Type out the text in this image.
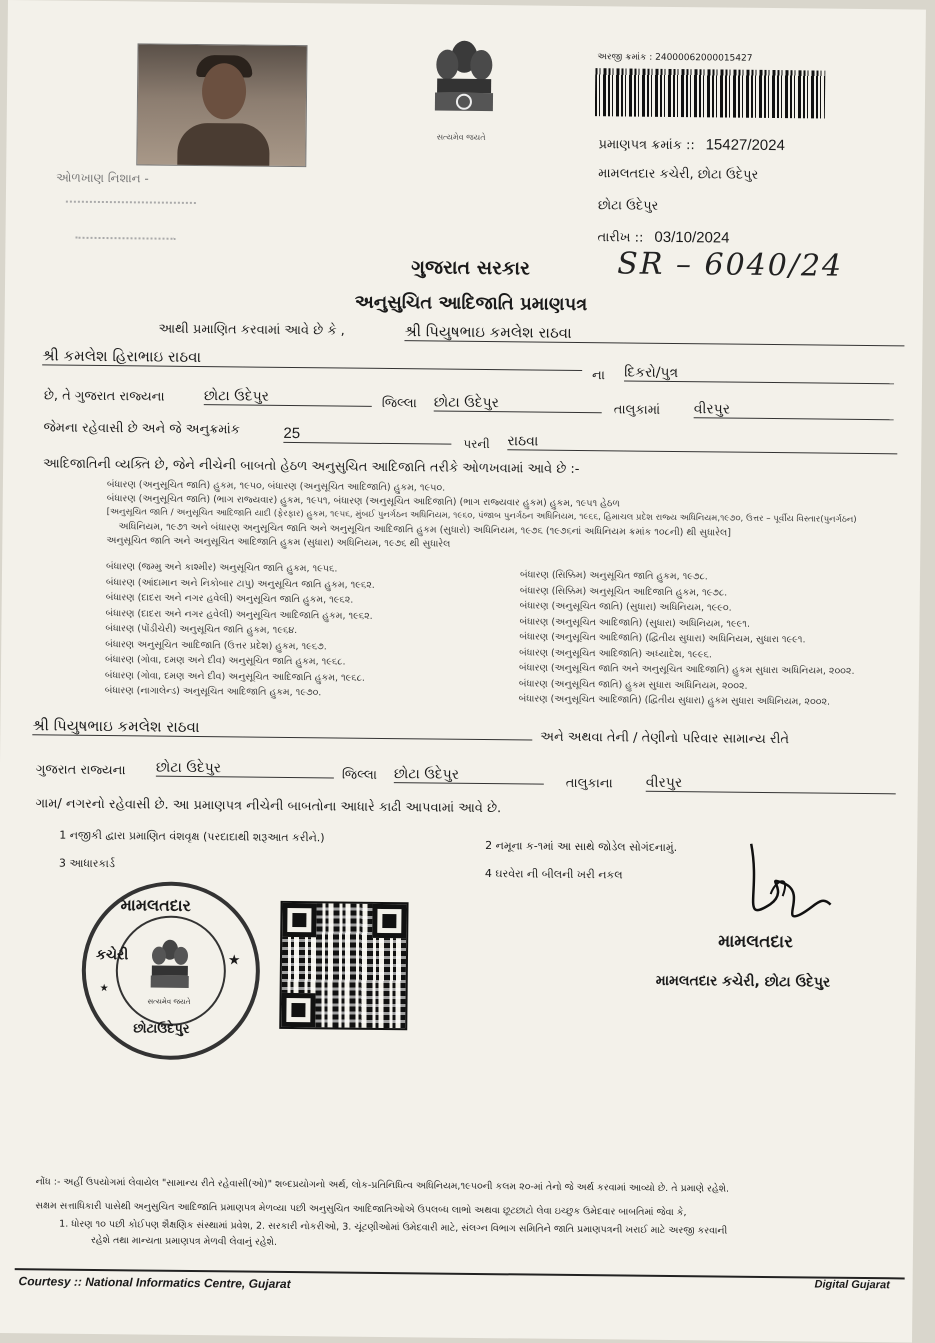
સત્યમેવ જયતે
અરજી ક્રમાંક : 24000062000015427
પ્રમાણપત્ર ક્રમાંક :: 15427/2024
મામલતદાર કચેરી, છોટા ઉદેપુર
છોટા ઉદેપુર
તારીખ :: 03/10/2024
SR – 6040/24
ઓળખાણ નિશાન -
ગુજરાત સરકાર
અનુસુચિત આદિજાતિ પ્રમાણપત્ર
આથી પ્રમાણિત કરવામાં આવે છે કે ,	શ્રી પિયુષભાઇ કમલેશ રાઠવા
શ્રી કમલેશ હિરાભાઇ રાઠવા
ના દિકરો/પુત્ર
છે, તે ગુજરાત રાજ્યના	છોટા ઉદેપુર	જિલ્લા છોટા ઉદેપુર	તાલુકામાં વીરપુર
જેમના રહેવાસી છે અને જે અનુક્રમાંક	25
પરની રાઠવા
આદિજાતિની વ્યક્તિ છે, જેને નીચેની બાબતો હેઠળ અનુસુચિત આદિજાતિ તરીકે ઓળખવામાં આવે છે :-
બંધારણ (અનુસૂચિત જાતિ) હુકમ, ૧૯૫૦, બંધારણ (અનુસૂચિત આદિજાતિ) હુકમ, ૧૯૫૦.
બંધારણ (અનુસૂચિત જાતિ) (ભાગ રાજ્યવાર) હુકમ, ૧૯૫૧, બંધારણ (અનુસૂચિત આદિજાતિ) (ભાગ રાજ્યવાર હુકમ) હુકમ, ૧૯૫૧ હેઠળ
[અનુસૂચિત જાતિ / અનુસૂચિત આદિજાતિ યાદી (ફેરફાર) હુકમ, ૧૯૫૬, મુંબઈ પુનર્ગઠન અધિનિયમ, ૧૯૬૦, પંજાબ પુનર્ગઠન અધિનિયમ, ૧૯૬૬, હિમાચલ પ્રદેશ રાજ્ય અધિનિયમ,૧૯૭૦, ઉત્તર – પૂર્વીય વિસ્તાર(પુનર્ગઠન)
અધિનિયમ, ૧૯૭૧ અને બંધારણ અનુસૂચિત જાતિ અને અનુસૂચિત આદિજાતિ હુકમ (સુધારો) અધિનિયમ, ૧૯૭૬ (૧૯૭૬નાં અધિનિયમ ક્રમાંક ૧૦૮ની) થી સુધારેલ]
અનુસૂચિત જાતિ અને અનુસૂચિત આદિજાતિ હુકમ (સુધારા) અધિનિયમ, ૧૯૭૬ થી સુધારેલ
બંધારણ (જમ્મુ અને કાશ્મીર) અનુસૂચિત જાતિ હુકમ, ૧૯૫૬.
બંધારણ (આંદામાન અને નિકોબાર ટાપુ) અનુસૂચિત જાતિ હુકમ, ૧૯૬૨.
બંધારણ (દાદરા અને નગર હવેલી) અનુસૂચિત જાતિ હુકમ, ૧૯૬૨.
બંધારણ (દાદરા અને નગર હવેલી) અનુસૂચિત આદિજાતિ હુકમ, ૧૯૬૨.
બંધારણ (પોંડીચેરી) અનુસૂચિત જાતિ હુકમ, ૧૯૬૪.
બંધારણ અનુસૂચિત આદિજાતિ (ઉત્તર પ્રદેશ) હુકમ, ૧૯૬૭.
બંધારણ (ગોવા, દમણ અને દીવ) અનુસૂચિત જાતિ હુકમ, ૧૯૬૮.
બંધારણ (ગોવા, દમણ અને દીવ) અનુસૂચિત આદિજાતિ હુકમ, ૧૯૬૮.
બંધારણ (નાગાલેન્ડ) અનુસૂચિત આદિજાતિ હુકમ, ૧૯૭૦.
બંધારણ (સિક્કિમ) અનુસૂચિત જાતિ હુકમ, ૧૯૭૮.
બંધારણ (સિક્કિમ) અનુસૂચિત આદિજાતિ હુકમ, ૧૯૭૮.
બંધારણ (અનુસૂચિત જાતિ) (સુધારા) અધિનિયમ, ૧૯૯૦.
બંધારણ (અનુસૂચિત આદિજાતિ) (સુધારા) અધિનિયમ, ૧૯૯૧.
બંધારણ (અનુસૂચિત આદિજાતિ) (દ્વિતીય સુધારા) અધિનિયમ, સુધારા ૧૯૯૧.
બંધારણ (અનુસૂચિત આદિજાતિ) અધ્યાદેશ, ૧૯૯૬.
બંધારણ (અનુસૂચિત જાતિ અને અનુસૂચિત આદિજાતિ) હુકમ સુધારા અધિનિયમ, ૨૦૦૨.
બંધારણ (અનુસૂચિત જાતિ) હુકમ સુધારા અધિનિયમ, ૨૦૦૨.
બંધારણ (અનુસૂચિત આદિજાતિ) (દ્વિતીય સુધારા) હુકમ સુધારા અધિનિયમ, ૨૦૦૨.
શ્રી પિયુષભાઇ કમલેશ રાઠવા
અને અથવા તેની / તેણીનો પરિવાર સામાન્ય રીતે
ગુજરાત રાજ્યના છોટા ઉદેપુર	જિલ્લા છોટા ઉદેપુર
તાલુકાના વીરપુર
ગામ/ નગરનો રહેવાસી છે. આ પ્રમાણપત્ર નીચેની બાબતોના આધારે કાઢી આપવામાં આવે છે.
1 નજીકી દ્વારા પ્રમાણિત વંશવૃક્ષ (પરદાદાથી શરૂઆત કરીને.)
2 નમૂના ક-૧માં આ સાથે જોડેલ સોગંદનામું.
3 આધારકાર્ડ
4 ઘરવેરા ની બીલની ખરી નકલ
મામલતદાર
કચેરી
સત્યમેવ જયતે
છોટાઉદેપુર
★
★
મામલતદાર
મામલતદાર કચેરી, છોટા ઉદેપુર
નોંધ :- અહીં ઉપયોગમાં લેવાયેલ "સામાન્ય રીતે રહેવાસી(ઓ)" શબ્દપ્રયોગનો અર્થ, લોક-પ્રતિનિધિત્વ અધિનિયમ,૧૯૫૦ની કલમ ૨૦-માં તેનો જે અર્થ કરવામાં આવ્યો છે. તે પ્રમાણે રહેશે.
સક્ષમ સત્તાધિકારી પાસેથી અનુસુચિત આદિજાતિ પ્રમાણપત્ર મેળવ્યા પછી અનુસુચિત આદિજાતિઓએ ઉપલબ્ધ લાભો અથવા છૂટછાટો લેવા ઇચ્છુક ઉમેદવાર બાબતિમાં જેવા કે,
1. ધોરણ ૧૦ પછી કોઈપણ શૈક્ષણિક સંસ્થામાં પ્રવેશ, 2. સરકારી નોકરીઓ, 3. ચૂંટણીઓમાં ઉમેદવારી માટે, સંલગ્ન વિભાગ સમિતિને જાતિ પ્રમાણપત્રની ખરાઈ માટે અરજી કરવાની
રહેશે તથા માન્યતા પ્રમાણપત્ર મેળવી લેવાનું રહેશે.
Courtesy :: National Informatics Centre, Gujarat	Digital Gujarat
